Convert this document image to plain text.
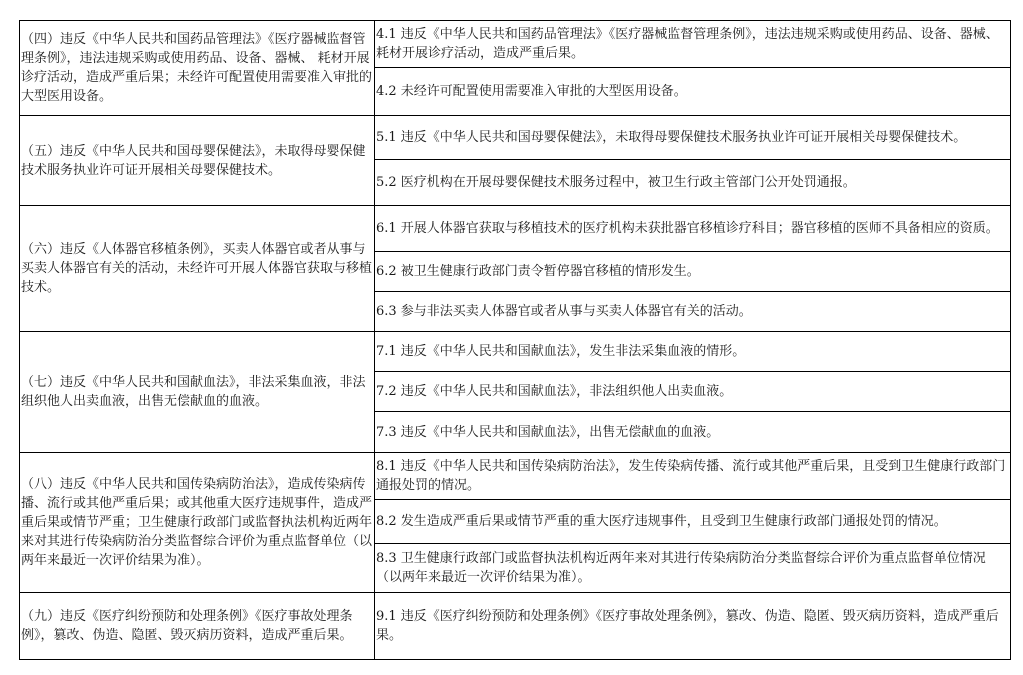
（四）违反《中华人民共和国药品管理法》《医疗器械监督管理条例》，违法违规采购或使用药品、设备、器械、 耗材开展诊疗活动，造成严重后果；未经许可配置使用需要准入审批的大型医用设备。	4.1 违反《中华人民共和国药品管理法》《医疗器械监督管理条例》，违法违规采购或使用药品、设备、器械、 耗材开展诊疗活动，造成严重后果。
	4.2 未经许可配置使用需要准入审批的大型医用设备。
（五）违反《中华人民共和国母婴保健法》，未取得母婴保健技术服务执业许可证开展相关母婴保健技术。	5.1 违反《中华人民共和国母婴保健法》，未取得母婴保健技术服务执业许可证开展相关母婴保健技术。
	5.2 医疗机构在开展母婴保健技术服务过程中，被卫生行政主管部门公开处罚通报。
（六）违反《人体器官移植条例》，买卖人体器官或者从事与买卖人体器官有关的活动，未经许可开展人体器官获取与移植技术。	6.1 开展人体器官获取与移植技术的医疗机构未获批器官移植诊疗科目；器官移植的医师不具备相应的资质。
	6.2 被卫生健康行政部门责令暂停器官移植的情形发生。
	6.3 参与非法买卖人体器官或者从事与买卖人体器官有关的活动。
（七）违反《中华人民共和国献血法》，非法采集血液，非法组织他人出卖血液，出售无偿献血的血液。	7.1 违反《中华人民共和国献血法》，发生非法采集血液的情形。
	7.2 违反《中华人民共和国献血法》，非法组织他人出卖血液。
	7.3 违反《中华人民共和国献血法》，出售无偿献血的血液。
（八）违反《中华人民共和国传染病防治法》，造成传染病传播、流行或其他严重后果；或其他重大医疗违规事件，造成严重后果或情节严重；卫生健康行政部门或监督执法机构近两年来对其进行传染病防治分类监督综合评价为重点监督单位（以两年来最近一次评价结果为准）。	8.1 违反《中华人民共和国传染病防治法》，发生传染病传播、流行或其他严重后果，且受到卫生健康行政部门通报处罚的情况。
	8.2 发生造成严重后果或情节严重的重大医疗违规事件，且受到卫生健康行政部门通报处罚的情况。
	8.3 卫生健康行政部门或监督执法机构近两年来对其进行传染病防治分类监督综合评价为重点监督单位情况（以两年来最近一次评价结果为准）。
（九）违反《医疗纠纷预防和处理条例》《医疗事故处理条例》，篡改、伪造、隐匿、毁灭病历资料，造成严重后果。	9.1 违反《医疗纠纷预防和处理条例》《医疗事故处理条例》，篡改、伪造、隐匿、毁灭病历资料，造成严重后果。
